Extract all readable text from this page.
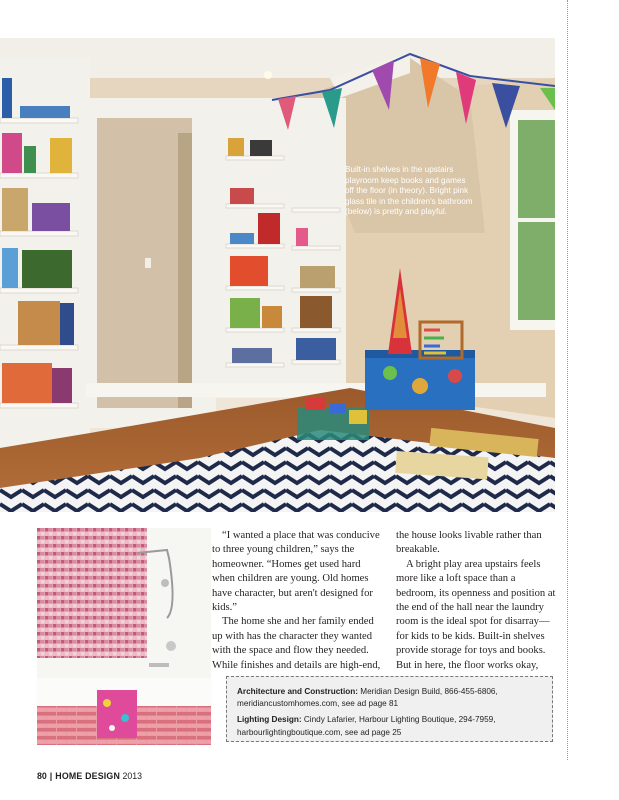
Built-in shelves in the upstairs playroom keep books and games off the floor (in theory). Bright pink glass tile in the children's bathroom (below) is pretty and playful.

“I wanted a place that was conducive to three young children,” says the homeowner. “Homes get used hard when children are young. Old homes have character, but aren't designed for kids.”

The home she and her family ended up with has the character they wanted with the space and flow they needed. While finishes and details are high-end,

the house looks livable rather than breakable.

A bright play area upstairs feels more like a loft space than a bedroom, its openness and position at the end of the hall near the laundry room is the ideal spot for disarray—for kids to be kids. Built-in shelves provide storage for toys and books. But in here, the floor works okay,

Architecture and Construction: Meridian Design Build, 866-455-6806,

meridiancustomhomes.com, see ad page 81

Lighting Design: Cindy Lafarier, Harbour Lighting Boutique, 294-7959,

harbourlightingboutique.com, see ad page 25

80 | HOME DESIGN 2013
